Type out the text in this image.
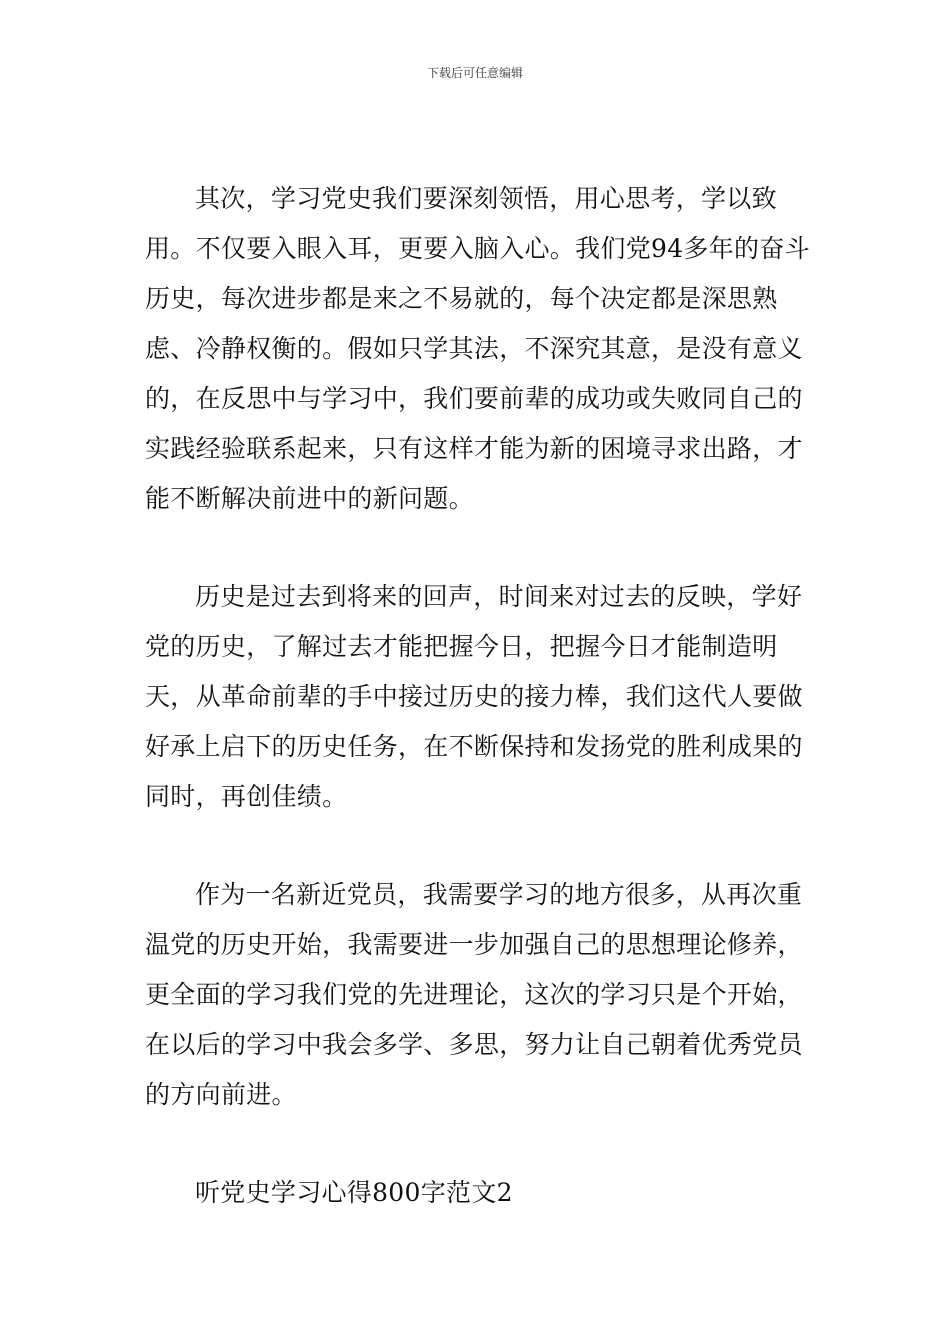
下载后可任意编辑

其次，学习党史我们要深刻领悟，用心思考，学以致用。不仅要入眼入耳，更要入脑入心。我们党94多年的奋斗历史，每次进步都是来之不易就的，每个决定都是深思熟虑、冷静权衡的。假如只学其法，不深究其意，是没有意义的，在反思中与学习中，我们要前辈的成功或失败同自己的实践经验联系起来，只有这样才能为新的困境寻求出路，才能不断解决前进中的新问题。

历史是过去到将来的回声，时间来对过去的反映，学好党的历史，了解过去才能把握今日，把握今日才能制造明天，从革命前辈的手中接过历史的接力棒，我们这代人要做好承上启下的历史任务，在不断保持和发扬党的胜利成果的同时，再创佳绩。

作为一名新近党员，我需要学习的地方很多，从再次重温党的历史开始，我需要进一步加强自己的思想理论修养，更全面的学习我们党的先进理论，这次的学习只是个开始，在以后的学习中我会多学、多思，努力让自己朝着优秀党员的方向前进。

听党史学习心得800字范文2
